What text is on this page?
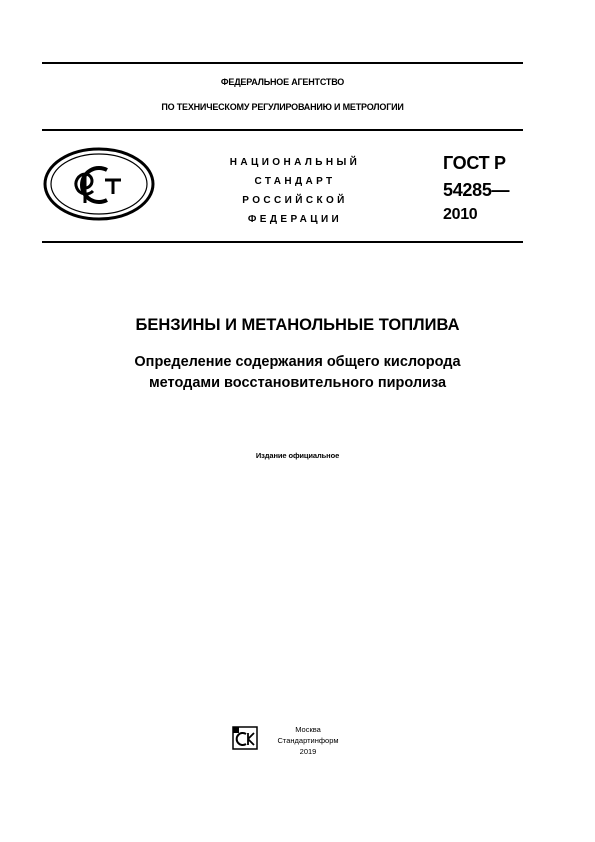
ФЕДЕРАЛЬНОЕ АГЕНТСТВО
ПО ТЕХНИЧЕСКОМУ РЕГУЛИРОВАНИЮ И МЕТРОЛОГИИ
НАЦИОНАЛЬНЫЙ
СТАНДАРТ
РОССИЙСКОЙ
ФЕДЕРАЦИИ
ГОСТ Р
54285—
2010
БЕНЗИНЫ И МЕТАНОЛЬНЫЕ ТОПЛИВА
Определение содержания общего кислорода
методами восстановительного пиролиза
Издание официальное
Москва
Стандартинформ
2019
